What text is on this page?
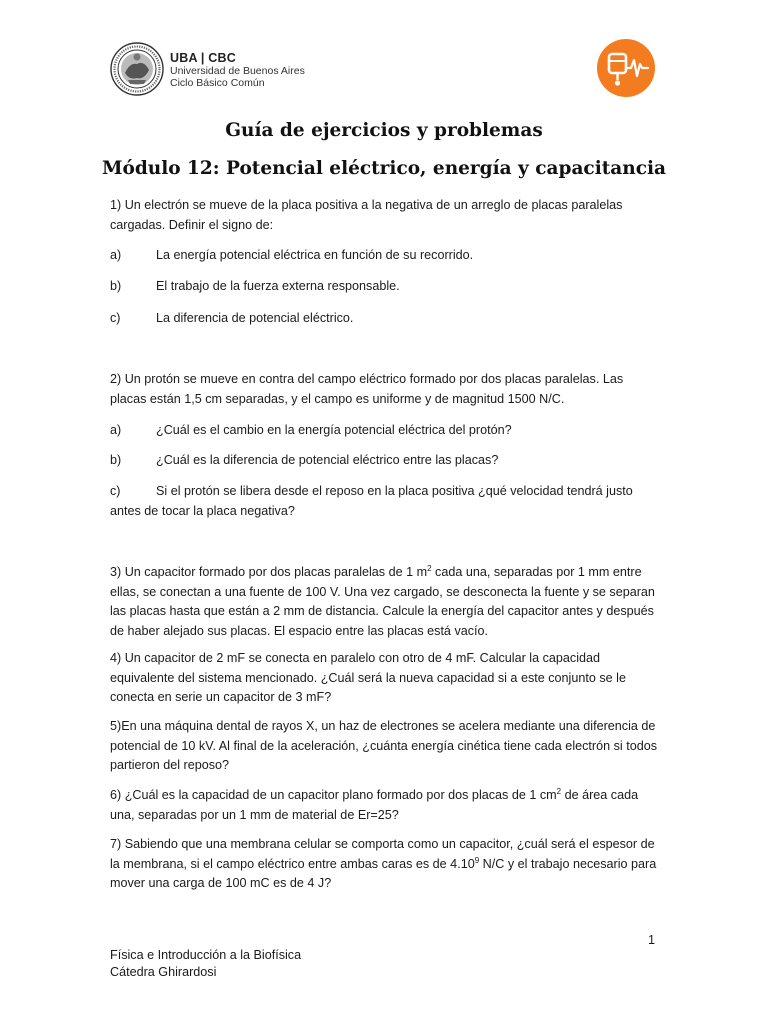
UBA | CBC
Universidad de Buenos Aires
Ciclo Básico Común
Guía de ejercicios y problemas
Módulo 12: Potencial eléctrico, energía y capacitancia
1) Un electrón se mueve de la placa positiva a la negativa de un arreglo de placas paralelas cargadas. Definir el signo de:
a)	La energía potencial eléctrica en función de su recorrido.
b)	El trabajo de la fuerza externa responsable.
c)	La diferencia de potencial eléctrico.
2) Un protón se mueve en contra del campo eléctrico formado por dos placas paralelas. Las placas están 1,5 cm separadas, y el campo es uniforme y de magnitud 1500 N/C.
a)	¿Cuál es el cambio en la energía potencial eléctrica del protón?
b)	¿Cuál es la diferencia de potencial eléctrico entre las placas?
c)	Si el protón se libera desde el reposo en la placa positiva ¿qué velocidad tendrá justo antes de tocar la placa negativa?
3) Un capacitor formado por dos placas paralelas de 1 $m^2$ cada una, separadas por 1 mm entre ellas, se conectan a una fuente de 100 V. Una vez cargado, se desconecta la fuente y se separan las placas hasta que están a 2 mm de distancia. Calcule la energía del capacitor antes y después de haber alejado sus placas. El espacio entre las placas está vacío.
4) Un capacitor de 2 mF se conecta en paralelo con otro de 4 mF. Calcular la capacidad equivalente del sistema mencionado. ¿Cuál será la nueva capacidad si a este conjunto se le conecta en serie un capacitor de 3 mF?
5)En una máquina dental de rayos X, un haz de electrones se acelera mediante una diferencia de potencial de 10 kV. Al final de la aceleración, ¿cuánta energía cinética tiene cada electrón si todos partieron del reposo?
6) ¿Cuál es la capacidad de un capacitor plano formado por dos placas de 1 $cm^2$ de área cada una, separadas por un 1 mm de material de Er=25?
7) Sabiendo que una membrana celular se comporta como un capacitor, ¿cuál será el espesor de la membrana, si el campo eléctrico entre ambas caras es de 4.10$^9$ N/C y el trabajo necesario para mover una carga de 100 mC es de 4 J?
1
Física e Introducción a la Biofísica
Cátedra Ghirardosi
